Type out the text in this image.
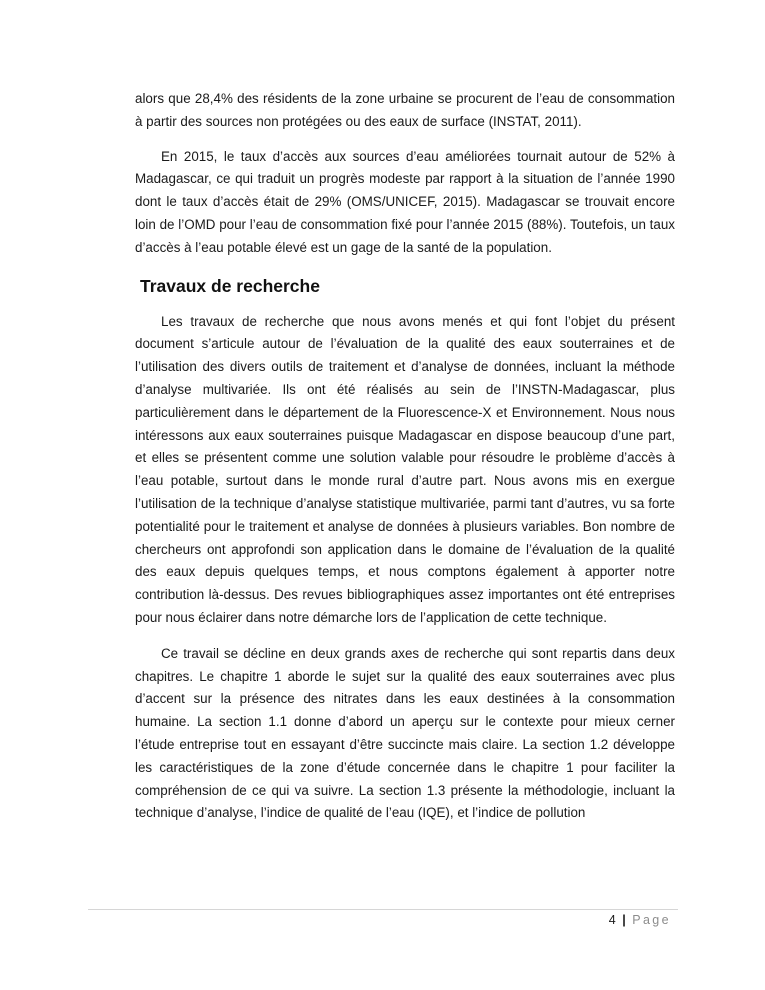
alors que 28,4% des résidents de la zone urbaine se procurent de l’eau de consommation à partir des sources non protégées ou des eaux de surface (INSTAT, 2011).

En 2015, le taux d’accès aux sources d’eau améliorées tournait autour de 52% à Madagascar, ce qui traduit un progrès modeste par rapport à la situation de l’année 1990 dont le taux d’accès était de 29% (OMS/UNICEF, 2015). Madagascar se trouvait encore loin de l’OMD pour l’eau de consommation fixé pour l’année 2015 (88%). Toutefois, un taux d’accès à l’eau potable élevé est un gage de la santé de la population.

Travaux de recherche

Les travaux de recherche que nous avons menés et qui font l’objet du présent document s’articule autour de l’évaluation de la qualité des eaux souterraines et de l’utilisation des divers outils de traitement et d’analyse de données, incluant la méthode d’analyse multivariée. Ils ont été réalisés au sein de l’INSTN-Madagascar, plus particulièrement dans le département de la Fluorescence-X et Environnement. Nous nous intéressons aux eaux souterraines puisque Madagascar en dispose beaucoup d’une part, et elles se présentent comme une solution valable pour résoudre le problème d’accès à l’eau potable, surtout dans le monde rural d’autre part. Nous avons mis en exergue l’utilisation de la technique d’analyse statistique multivariée, parmi tant d’autres, vu sa forte potentialité pour le traitement et analyse de données à plusieurs variables. Bon nombre de chercheurs ont approfondi son application dans le domaine de l’évaluation de la qualité des eaux depuis quelques temps, et nous comptons également à apporter notre contribution là-dessus. Des revues bibliographiques assez importantes ont été entreprises pour nous éclairer dans notre démarche lors de l’application de cette technique.

Ce travail se décline en deux grands axes de recherche qui sont repartis dans deux chapitres. Le chapitre 1 aborde le sujet sur la qualité des eaux souterraines avec plus d’accent sur la présence des nitrates dans les eaux destinées à la consommation humaine. La section 1.1 donne d’abord un aperçu sur le contexte pour mieux cerner l’étude entreprise tout en essayant d’être succincte mais claire. La section 1.2 développe les caractéristiques de la zone d’étude concernée dans le chapitre 1 pour faciliter la compréhension de ce qui va suivre. La section 1.3 présente la méthodologie, incluant la technique d’analyse, l’indice de qualité de l’eau (IQE), et l’indice de pollution

4 | Page
